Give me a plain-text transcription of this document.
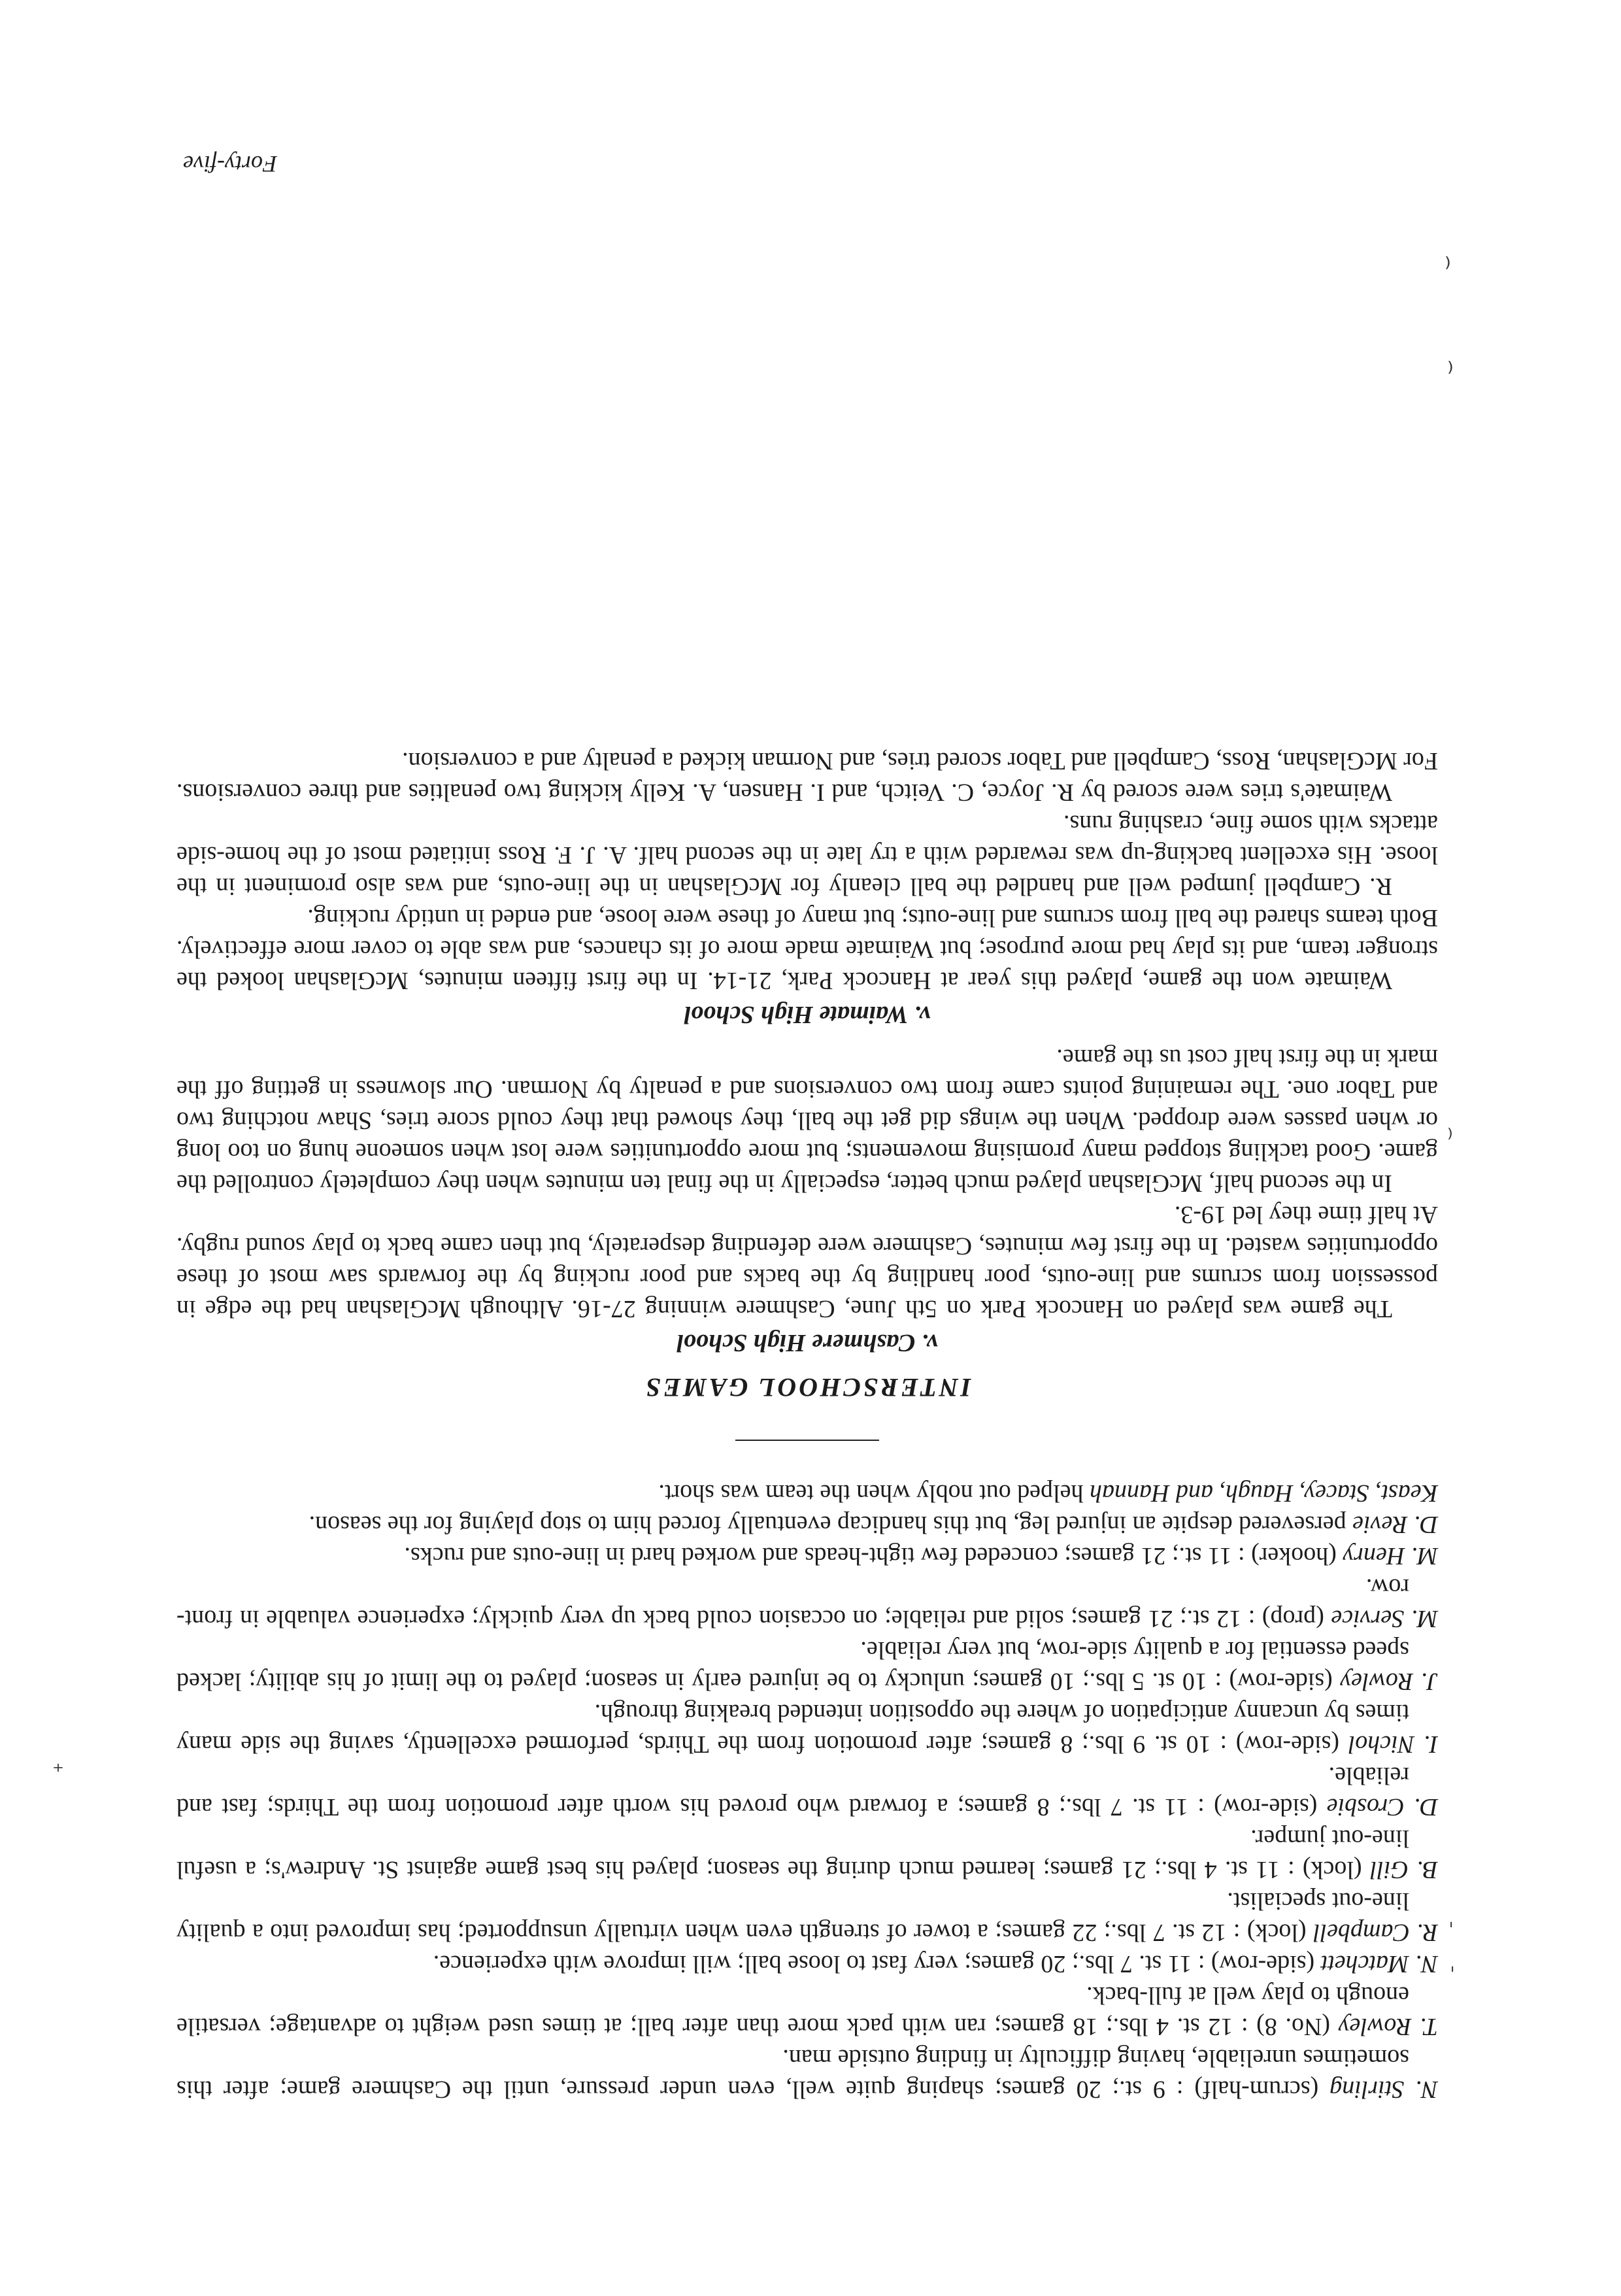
N. Stirling (scrum-half) : 9 st.; 20 games; shaping quite well, even under pressure, until the Cashmere game; after this sometimes unreliable, having difficulty in finding outside man.

T. Rowley (No. 8) : 12 st. 4 lbs.; 18 games; ran with pack more than after ball; at times used weight to advantage; versatile enough to play well at full-back.

N. Matchett (side-row) : 11 st. 7 lbs.; 20 games; very fast to loose ball; will improve with experience.

R. Campbell (lock) : 12 st. 7 lbs.; 22 games; a tower of strength even when virtually unsupported; has improved into a quality line-out specialist.

B. Gill (lock) : 11 st. 4 lbs.; 21 games; learned much during the season; played his best game against St. Andrew's; a useful line-out jumper.

D. Crosbie (side-row) : 11 st. 7 lbs.; 8 games; a forward who proved his worth after promotion from the Thirds; fast and reliable.

I. Nichol (side-row) : 10 st. 9 lbs.; 8 games; after promotion from the Thirds, performed excellently, saving the side many times by uncanny anticipation of where the opposition intended breaking through.

J. Rowley (side-row) : 10 st. 5 lbs.; 10 games; unlucky to be injured early in season; played to the limit of his ability; lacked speed essential for a quality side-row, but very reliable.

M. Service (prop) : 12 st.; 21 games; solid and reliable; on occasion could back up very quickly; experience valuable in front-row.

M. Henry (hooker) : 11 st.; 21 games; conceded few tight-heads and worked hard in line-outs and rucks.

D. Revie persevered despite an injured leg, but this handicap eventually forced him to stop playing for the season.

Keast, Stacey, Haugh, and Hannah helped out nobly when the team was short.

INTERSCHOOL GAMES
v. Cashmere High School

The game was played on Hancock Park on 5th June, Cashmere winning 27-16. Although McGlashan had the edge in possession from scrums and line-outs, poor handling by the backs and poor rucking by the forwards saw most of these opportunities wasted. In the first few minutes, Cashmere were defending desperately, but then came back to play sound rugby. At half time they led 19-3.

In the second half, McGlashan played much better, especially in the final ten minutes when they completely controlled the game. Good tackling stopped many promising movements; but more opportunities were lost when someone hung on too long or when passes were dropped. When the wings did get the ball, they showed that they could score tries, Shaw notching two and Tabor one. The remaining points came from two conversions and a penalty by Norman. Our slowness in getting off the mark in the first half cost us the game.

v. Waimate High School

Waimate won the game, played this year at Hancock Park, 21-14. In the first fifteen minutes, McGlashan looked the stronger team, and its play had more purpose; but Waimate made more of its chances, and was able to cover more effectively. Both teams shared the ball from scrums and line-outs; but many of these were loose, and ended in untidy rucking.

R. Campbell jumped well and handled the ball cleanly for McGlashan in the line-outs, and was also prominent in the loose. His excellent backing-up was rewarded with a try late in the second half. A. J. F. Ross initiated most of the home-side attacks with some fine, crashing runs.

Waimate's tries were scored by R. Joyce, C. Veitch, and I. Hansen, A. Kelly kicking two penalties and three conversions. For McGlashan, Ross, Campbell and Tabor scored tries, and Norman kicked a penalty and a conversion.

Forty-five
⁾
⁾
⁾
ˈ
ˈ
⁺
